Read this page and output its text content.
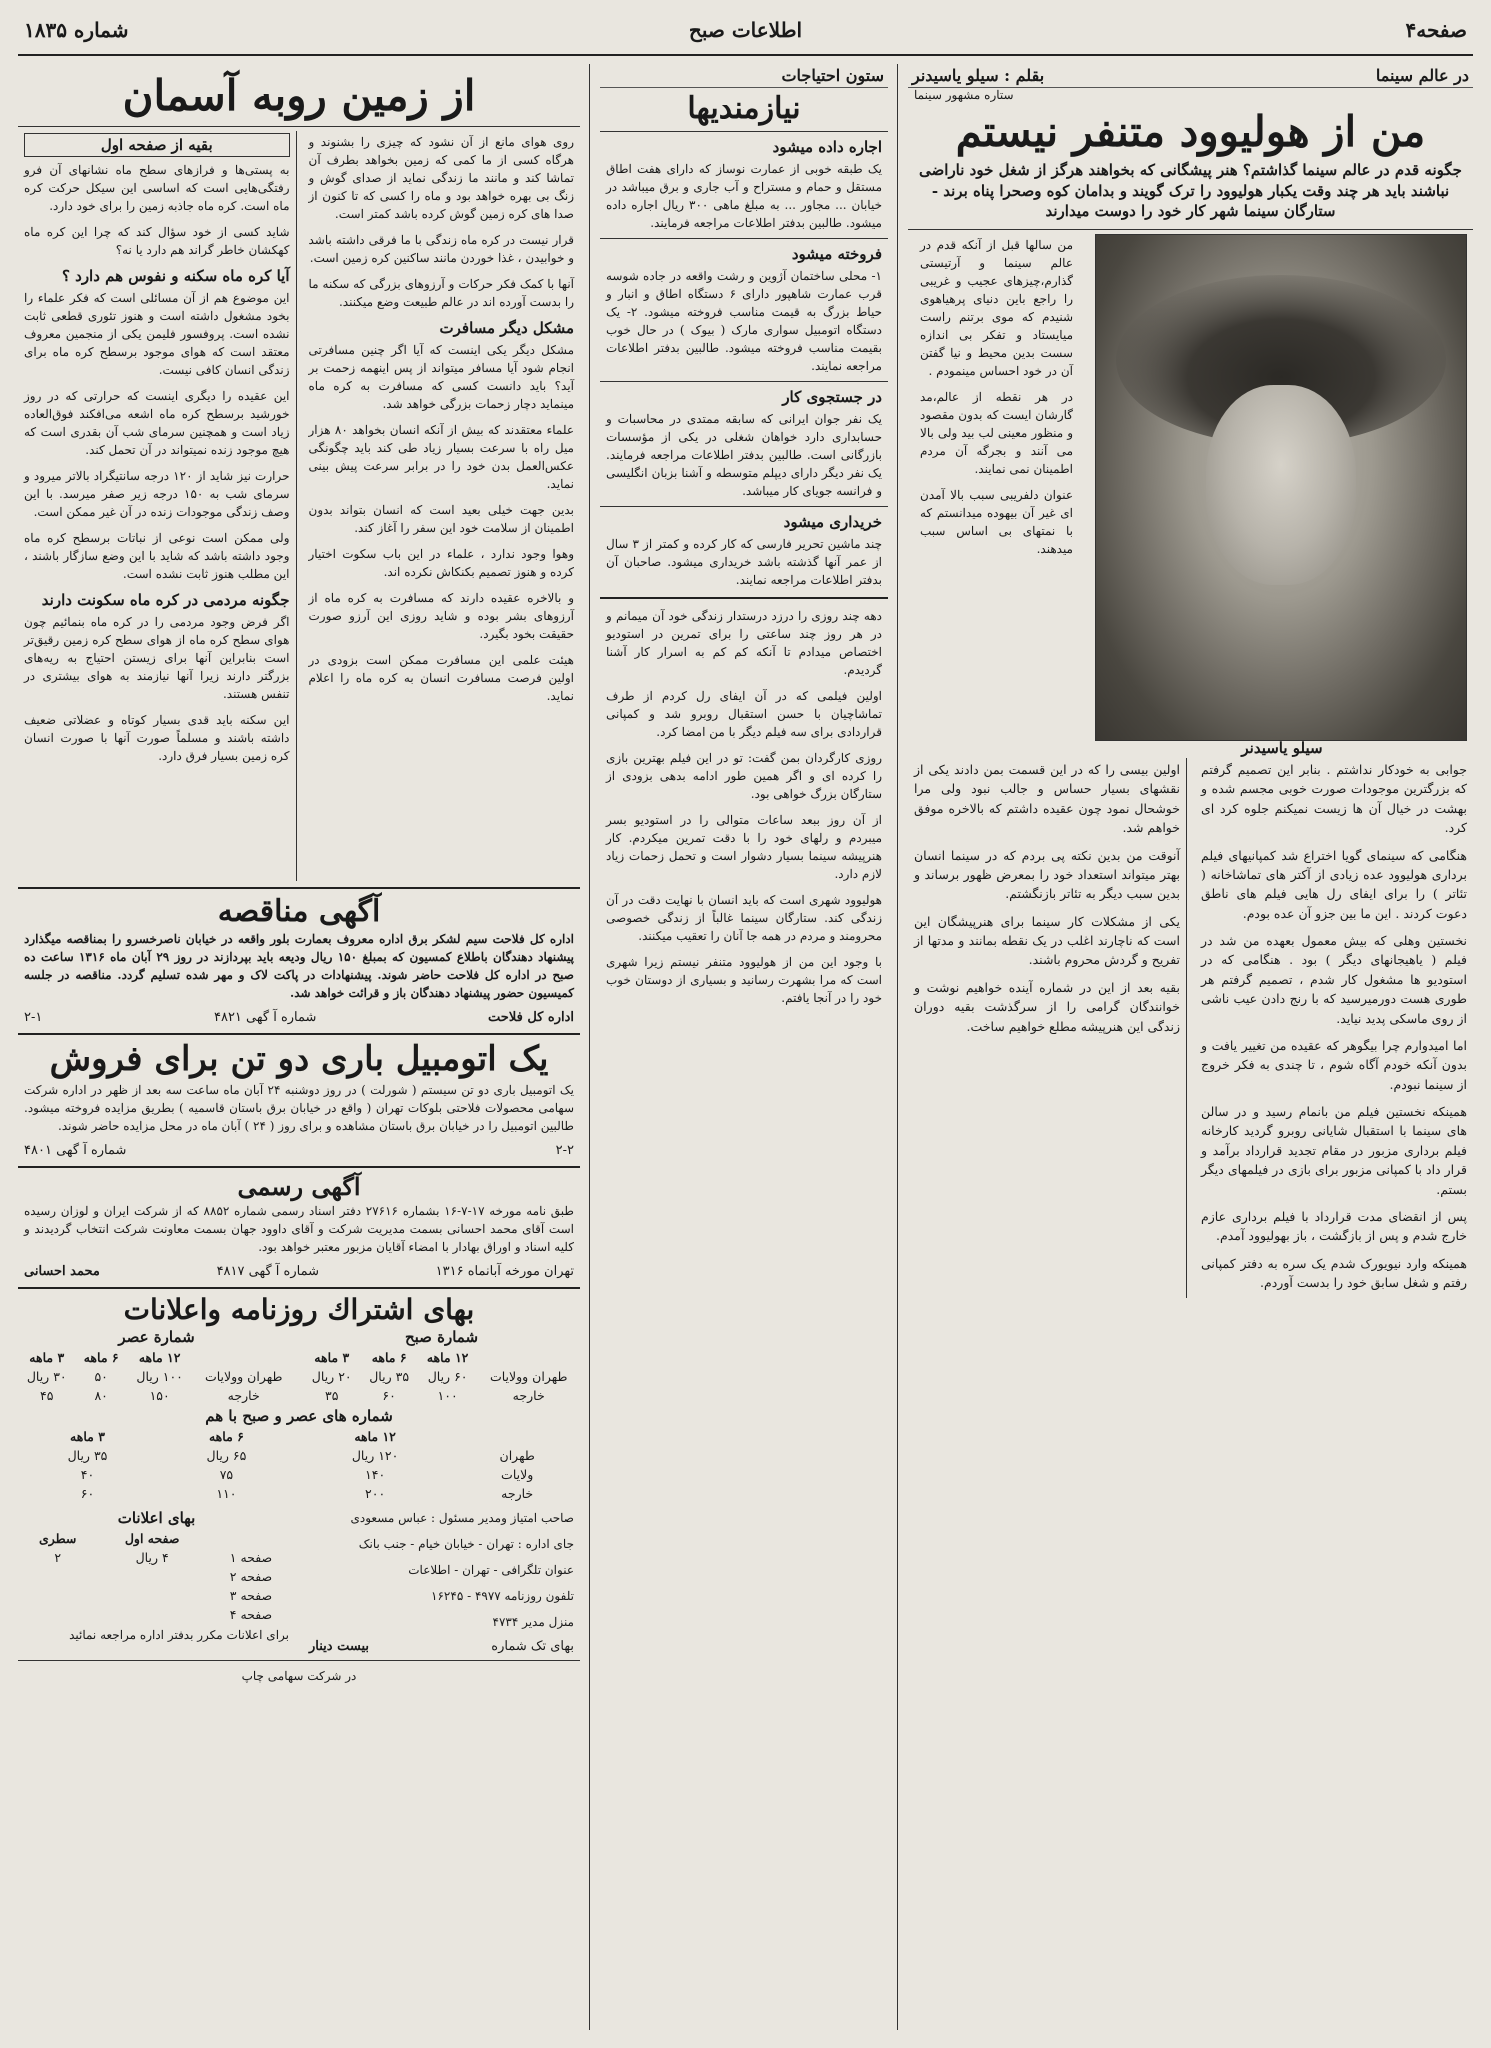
صفحه۴
اطلاعات صبح
شماره ۱۸۳۵
در عالم سینما
بقلم : سیلو یاسیدنر
ستاره مشهور سینما
من از هولیوود متنفر نیستم
جگونه قدم در عالم سینما گذاشتم؟ هنر پیشگانی که بخواهند هرگز از شغل خود ناراضی نباشند باید هر چند وقت یکبار هولیوود را ترک گویند و بدامان کوه وصحرا پناه برند - ستارگان سینما شهر کار خود را دوست میدارند
سیلو یاسیدنر

من سالها قبل از آنکه قدم در عالم سینما و آرتیستی گذارم،چیزهای عجیب و غریبی را راجع باین دنیای پرهیاهوی شنیدم که موی برتنم راست میایستاد و تفکر بی اندازه سست بدین محیط و نیا گفتن آن در خود احساس مینمودم .

در هر نقطه از عالم،مد گارشان ایست که بدون مقصود و منظور معینی لب بید ولی بالا می آنند و بجرگه آن مردم اطمینان نمی نمایند.

عنوان دلفریبی سبب بالا آمدن ای غیر آن بیهوده میدانستم که با نمتهای بی اساس سبب میدهند.

جوابی به خودکار نداشتم . بنابر این تصمیم گرفتم که بزرگترین موجودات صورت خوبی مجسم شده و بهشت در خیال آن ها زیست نمیکنم جلوه کرد ای کرد.

هنگامی که سینمای گویا اختراع شد کمپانیهای فیلم برداری هولیوود عده زیادی از آکتر های تماشاخانه ( تئاتر ) را برای ایفای رل هایی فیلم های ناطق دعوت کردند . این ما بین جزو آن عده بودم.

نخستین وهلی که بیش معمول بعهده من شد در فیلم ( یاهیجانهای دیگر ) بود . هنگامی که در استودیو ها مشغول کار شدم ، تصمیم گرفتم هر طوری هست دورمیرسید که با رنج دادن عیب ناشی از روی ماسکی پدید نیاید.

اما امیدوارم چرا بیگوهر که عقیده من تغییر یافت و بدون آنکه خودم آگاه شوم ، تا چندی به فکر خروج از سینما نبودم.

همینکه نخستین فیلم من بانمام رسید و در سالن های سینما با استقبال شایانی روبرو گردید کارخانه فیلم برداری مزبور در مقام تجدید قرارداد برآمد و قرار داد با کمپانی مزبور برای بازی در فیلمهای دیگر بستم.

پس از انقضای مدت قرارداد با فیلم برداری عازم خارج شدم و پس از بازگشت ، باز بهولیوود آمدم.

همینکه وارد نیویورک شدم یک سره به دفتر کمپانی رفتم و شغل سابق خود را بدست آوردم.

اولین بیسی را که در این قسمت بمن دادند یکی از نقشهای بسیار حساس و جالب نبود ولی مرا خوشحال نمود چون عقیده داشتم که بالاخره موفق خواهم شد.

آنوقت من بدین نکته پی بردم که در سینما انسان بهتر میتواند استعداد خود را بمعرض ظهور برساند و بدین سبب دیگر به تئاتر بازنگشتم.

یکی از مشکلات کار سینما برای هنرپیشگان این است که ناچارند اغلب در یک نقطه بمانند و مدتها از تفریح و گردش محروم باشند.

بقیه بعد از این در شماره آینده خواهیم نوشت و خوانندگان گرامی را از سرگذشت بقیه دوران زندگی این هنرپیشه مطلع خواهیم ساخت.

ستون احتیاجات
نیازمندیها
اجاره داده میشود

یک طبقه خوبی از عمارت نوساز که دارای هفت اطاق مستقل و حمام و مستراح و آب جاری و برق میباشد در خیابان ... مجاور ... به مبلغ ماهی ۳۰۰ ریال اجاره داده میشود. طالبین بدفتر اطلاعات مراجعه فرمایند.

فروخته میشود

۱- محلی ساختمان آژوین و رشت واقعه در جاده شوسه قرب عمارت شاهپور دارای ۶ دستگاه اطاق و انبار و حیاط بزرگ به قیمت مناسب فروخته میشود. ۲- یک دستگاه اتومبیل سواری مارک ( بیوک ) در حال خوب بقیمت مناسب فروخته میشود. طالبین بدفتر اطلاعات مراجعه نمایند.

در جستجوی کار

یک نفر جوان ایرانی که سابقه ممتدی در محاسبات و حسابداری دارد خواهان شغلی در یکی از مؤسسات بازرگانی است. طالبین بدفتر اطلاعات مراجعه فرمایند. یک نفر دیگر دارای دیپلم متوسطه و آشنا بزبان انگلیسی و فرانسه جویای کار میباشد.

خریداری میشود

چند ماشین تحریر فارسی که کار کرده و کمتر از ۳ سال از عمر آنها گذشته باشد خریداری میشود. صاحبان آن بدفتر اطلاعات مراجعه نمایند.

دهه چند روزی را درزد درستدار زندگی خود آن میمانم و در هر روز چند ساعتی را برای تمرین در استودیو اختصاص میدادم تا آنکه کم کم به اسرار کار آشنا گردیدم.

اولین فیلمی که در آن ایفای رل کردم از طرف تماشاچیان با حسن استقبال روبرو شد و کمپانی قراردادی برای سه فیلم دیگر با من امضا کرد.

روزی کارگردان بمن گفت: تو در این فیلم بهترین بازی را کرده ای و اگر همین طور ادامه بدهی بزودی از ستارگان بزرگ خواهی بود.

از آن روز ببعد ساعات متوالی را در استودیو بسر میبردم و رلهای خود را با دقت تمرین میکردم. کار هنرپیشه سینما بسیار دشوار است و تحمل زحمات زیاد لازم دارد.

هولیوود شهری است که باید انسان با نهایت دقت در آن زندگی کند. ستارگان سینما غالباً از زندگی خصوصی محرومند و مردم در همه جا آنان را تعقیب میکنند.

با وجود این من از هولیوود متنفر نیستم زیرا شهری است که مرا بشهرت رسانید و بسیاری از دوستان خوب خود را در آنجا یافتم.

از زمین روبه آسمان

روی هوای مانع از آن نشود که چیزی را بشنوند و هرگاه کسی از ما کمی که زمین بخواهد بطرف آن تماشا کند و مانند ما زندگی نماید از صدای گوش و زنگ بی بهره خواهد بود و ماه را کسی که تا کنون از صدا های کره زمین گوش کرده باشد کمتر است.

قرار نیست در کره ماه زندگی با ما فرقی داشته باشد و خوابیدن ، غذا خوردن مانند ساکنین کره زمین است.

آنها با کمک فکر حرکات و آرزوهای بزرگی که سکنه ما را بدست آورده اند در عالم طبیعت وضع میکنند.

مشکل دیگر مسافرت

مشکل دیگر یکی اینست که آیا اگر چنین مسافرتی انجام شود آیا مسافر میتواند از پس اینهمه زحمت بر آید؟ باید دانست کسی که مسافرت به کره ماه مینماید دچار زحمات بزرگی خواهد شد.

علماء معتقدند که بیش از آنکه انسان بخواهد ۸۰ هزار میل راه با سرعت بسیار زیاد طی کند باید چگونگی عکس‌العمل بدن خود را در برابر سرعت پیش بینی نماید.

بدین جهت خیلی بعید است که انسان بتواند بدون اطمینان از سلامت خود این سفر را آغاز کند.

وهوا وجود ندارد ، علماء در این باب سکوت اختیار کرده و هنوز تصمیم بکنکاش نکرده اند.

و بالاخره عقیده دارند که مسافرت به کره ماه از آرزوهای بشر بوده و شاید روزی این آرزو صورت حقیقت بخود بگیرد.

هیئت علمی این مسافرت ممکن است بزودی در اولین فرصت مسافرت انسان به کره ماه را اعلام نماید.

بقیه از صفحه اول

به پستی‌ها و فرازهای سطح ماه نشانهای آن فرو رفتگی‌هایی است که اساسی این سیکل حرکت کره ماه است. کره ماه جاذبه زمین را برای خود دارد.

شاید کسی از خود سؤال کند که چرا این کره ماه کهکشان خاطر گراند هم دارد یا نه؟

آیا کره ماه سکنه و نفوس هم دارد ؟

این موضوع هم از آن مسائلی است که فکر علماء را بخود مشغول داشته است و هنوز تئوری قطعی ثابت نشده است. پروفسور فلیمن یکی از منجمین معروف معتقد است که هوای موجود برسطح کره ماه برای زندگی انسان کافی نیست.

این عقیده را دیگری اینست که حرارتی که در روز خورشید برسطح کره ماه اشعه می‌افکند فوق‌العاده زیاد است و همچنین سرمای شب آن بقدری است که هیچ موجود زنده نمیتواند در آن تحمل کند.

حرارت نیز شاید از ۱۲۰ درجه سانتیگراد بالاتر میرود و سرمای شب به ۱۵۰ درجه زیر صفر میرسد. با این وصف زندگی موجودات زنده در آن غیر ممکن است.

ولی ممکن است نوعی از نباتات برسطح کره ماه وجود داشته باشد که شاید با این وضع سازگار باشند ، این مطلب هنوز ثابت نشده است.

جگونه مردمی در کره ماه سکونت دارند

اگر فرض وجود مردمی را در کره ماه بنمائیم چون هوای سطح کره ماه از هوای سطح کره زمین رقیق‌تر است بنابراین آنها برای زیستن احتیاج به ریه‌های بزرگتر دارند زیرا آنها نیازمند به هوای بیشتری در تنفس هستند.

این سکنه باید قدی بسیار کوتاه و عضلاتی ضعیف داشته باشند و مسلماً صورت آنها با صورت انسان کره زمین بسیار فرق دارد.

آگهی مناقصه

اداره کل فلاحت سیم لشکر برق اداره معروف بعمارت بلور واقعه در خیابان ناصرخسرو را بمناقصه میگذارد پیشنهاد دهندگان باطلاع کمسیون که بمبلغ ۱۵۰ ریال ودیعه باید بپردازند در روز ۲۹ آبان ماه ۱۳۱۶ ساعت ده صبح در اداره کل فلاحت حاضر شوند. پیشنهادات در پاکت لاک و مهر شده تسلیم گردد. مناقصه در جلسه کمیسیون حضور پیشنهاد دهندگان باز و قرائت خواهد شد.

اداره کل فلاحت
شماره آ گهی ۴۸۲۱
۲-۱
یک اتومبیل باری دو تن برای فروش

یک اتومبیل باری دو تن سیستم ( شورلت ) در روز دوشنبه ۲۴ آبان ماه ساعت سه بعد از ظهر در اداره شرکت سهامی محصولات فلاحتی بلوکات تهران ( واقع در خیابان برق باستان قاسمیه ) بطریق مزایده فروخته میشود. طالبین اتومبیل را در خیابان برق باستان مشاهده و برای روز ( ۲۴ ) آبان ماه در محل مزایده حاضر شوند.

۲-۲
شماره آ گهی ۴۸۰۱
آگهی رسمی

طبق نامه مورخه ۱۷-۷-۱۶ بشماره ۲۷۶۱۶ دفتر اسناد رسمی شماره ۸۸۵۲ که از شرکت ایران و لوزان رسیده است آقای محمد احسانی بسمت مدیریت شرکت و آقای داوود جهان بسمت معاونت شرکت انتخاب گردیدند و کلیه اسناد و اوراق بهادار با امضاء آقایان مزبور معتبر خواهد بود.

تهران مورخه آبانماه ۱۳۱۶
شماره آ گهی ۴۸۱۷
محمد احسانی
بهای اشتراك روزنامه واعلانات
شمارة صبح
	۱۲ ماهه	۶ ماهه	۳ ماهه
طهران وولایات	۶۰ ریال	۳۵ ریال	۲۰ ریال
خارجه	۱۰۰	۶۰	۳۵
شمارة عصر
	۱۲ ماهه	۶ ماهه	۳ ماهه
طهران وولایات	۱۰۰ ریال	۵۰	۳۰ ریال
خارجه	۱۵۰	۸۰	۴۵
شماره های عصر و صبح با هم
	۱۲ ماهه	۶ ماهه	۳ ماهه
طهران	۱۲۰ ریال	۶۵ ریال	۳۵ ریال
ولایات	۱۴۰	۷۵	۴۰
خارجه	۲۰۰	۱۱۰	۶۰
صاحب امتیاز ومدیر مسئول : عباس مسعودی
جای اداره : تهران - خیابان خیام - جنب بانک
عنوان تلگرافی - تهران - اطلاعات
تلفون روزنامه ۴۹۷۷ - ۱۶۲۴۵
منزل مدیر ۴۷۳۴
بهای تک شماره
بیست دینار
بهای اعلانات
	صفحه اول	سطری
صفحه ۱	۴ ریال	۲
صفحه ۲		
صفحه ۳		
صفحه ۴		
برای اعلانات مکرر بدفتر اداره مراجعه نمائید
در شرکت سهامی چاپ
